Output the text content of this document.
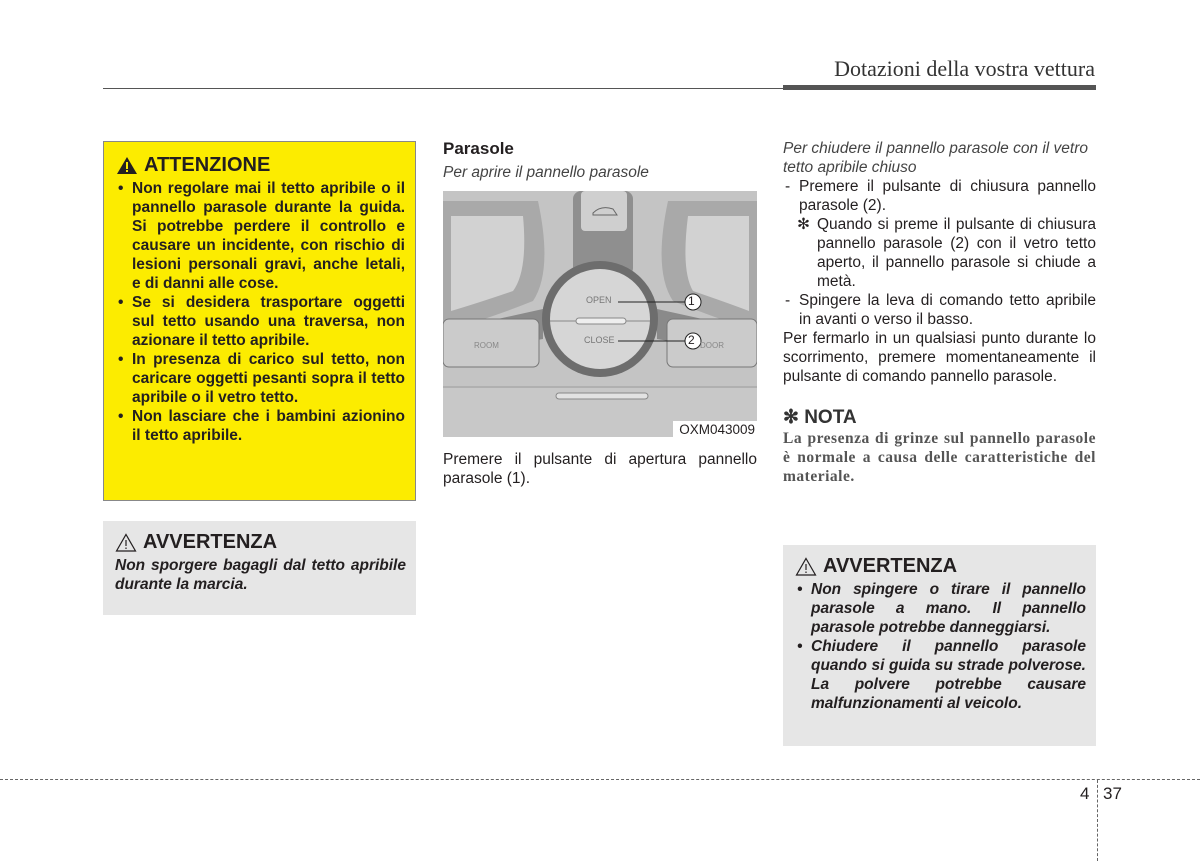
Dotazioni della vostra vettura
ATTENZIONE
• Non regolare mai il tetto apribile o il pannello parasole durante la guida. Si potrebbe perdere il controllo e causare un incidente, con rischio di lesioni personali gravi, anche letali, e di danni alle cose.
• Se si desidera trasportare oggetti sul tetto usando una traversa, non azionare il tetto apribile.
• In presenza di carico sul tetto, non caricare oggetti pesanti sopra il tetto apribile o il vetro tetto.
• Non lasciare che i bambini azionino il tetto apribile.
AVVERTENZA
Non sporgere bagagli dal tetto apribile durante la marcia.
Parasole
Per aprire il pannello parasole
OPEN
CLOSE
ROOM	DOOR
1
2
OXM043009
Premere il pulsante di apertura pannello parasole (1).
Per chiudere il pannello parasole con il vetro tetto apribile chiuso
- Premere il pulsante di chiusura pannello parasole (2).
✻ Quando si preme il pulsante di chiusura pannello parasole (2) con il vetro tetto aperto, il pannello parasole si chiude a metà.
- Spingere la leva di comando tetto apribile in avanti o verso il basso.
Per fermarlo in un qualsiasi punto durante lo scorrimento, premere momentaneamente il pulsante di comando pannello parasole.
✻ NOTA
La presenza di grinze sul pannello parasole è normale a causa delle caratteristiche del materiale.
AVVERTENZA
• Non spingere o tirare il pannello parasole a mano. Il pannello parasole potrebbe danneggiarsi.
• Chiudere il pannello parasole quando si guida su strade polverose. La polvere potrebbe causare malfunzionamenti al veicolo.
4 37
